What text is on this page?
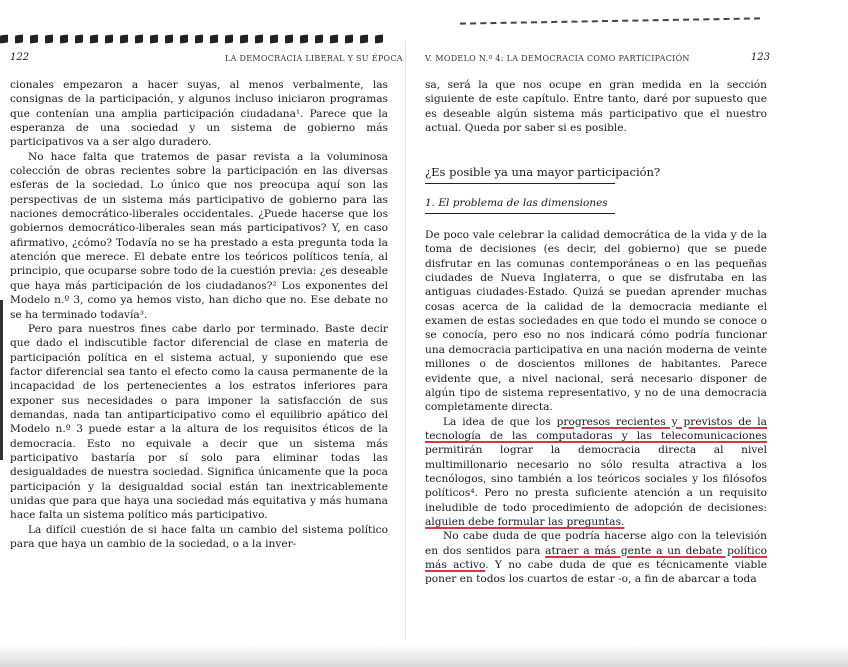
122	LA DEMOCRACIA LIBERAL Y SU ÉPOCA

cionales empezaron a hacer suyas, al menos verbalmente, las consignas de la participación, y algunos incluso iniciaron programas que contenían una amplia participación ciudadana¹. Parece que la esperanza de una sociedad y un sistema de gobierno más participativos va a ser algo duradero.

No hace falta que tratemos de pasar revista a la voluminosa colección de obras recientes sobre la participación en las diversas esferas de la sociedad. Lo único que nos preocupa aquí son las perspectivas de un sistema más participativo de gobierno para las naciones democrático-liberales occidentales. ¿Puede hacerse que los gobiernos democrático-liberales sean más participativos? Y, en caso afirmativo, ¿cómo? Todavía no se ha prestado a esta pregunta toda la atención que merece. El debate entre los teóricos políticos tenía, al principio, que ocuparse sobre todo de la cuestión previa: ¿es deseable que haya más participación de los ciudadanos?² Los exponentes del Modelo n.º 3, como ya hemos visto, han dicho que no. Ese debate no se ha terminado todavía³.

Pero para nuestros fines cabe darlo por terminado. Baste decir que dado el indiscutible factor diferencial de clase en materia de participación política en el sistema actual, y suponiendo que ese factor diferencial sea tanto el efecto como la causa permanente de la incapacidad de los pertenecientes a los estratos inferiores para exponer sus necesidades o para imponer la satisfacción de sus demandas, nada tan antiparticipativo como el equilibrio apático del Modelo n.º 3 puede estar a la altura de los requisitos éticos de la democracia. Esto no equivale a decir que un sistema más participativo bastaría por sí solo para eliminar todas las desigualdades de nuestra sociedad. Significa únicamente que la poca participación y la desigualdad social están tan inextricablemente unidas que para que haya una sociedad más equitativa y más humana hace falta un sistema político más participativo.

La difícil cuestión de si hace falta un cambio del sistema político para que haya un cambio de la sociedad, o a la inver-

V. MODELO N.º 4: LA DEMOCRACIA COMO PARTICIPACIÓN	123

sa, será la que nos ocupe en gran medida en la sección siguiente de este capítulo. Entre tanto, daré por supuesto que es deseable algún sistema más participativo que el nuestro actual. Queda por saber si es posible.

¿Es posible ya una mayor participación?
1. El problema de las dimensiones

De poco vale celebrar la calidad democrática de la vida y de la toma de decisiones (es decir, del gobierno) que se puede disfrutar en las comunas contemporáneas o en las pequeñas ciudades de Nueva Inglaterra, o que se disfrutaba en las antiguas ciudades-Estado. Quizá se puedan aprender muchas cosas acerca de la calidad de la democracia mediante el examen de estas sociedades en que todo el mundo se conoce o se conocía, pero eso no nos indicará cómo podría funcionar una democracia participativa en una nación moderna de veinte millones o de doscientos millones de habitantes. Parece evidente que, a nivel nacional, será necesario disponer de algún tipo de sistema representativo, y no de una democracia completamente directa.

La idea de que los progresos recientes y previstos de la tecnología de las computadoras y las telecomunicaciones permitirán lograr la democracia directa al nivel multimillonario necesario no sólo resulta atractiva a los tecnólogos, sino también a los teóricos sociales y los filósofos políticos⁴. Pero no presta suficiente atención a un requisito ineludible de todo procedimiento de adopción de decisiones: alguien debe formular las preguntas.

No cabe duda de que podría hacerse algo con la televisión en dos sentidos para atraer a más gente a un debate político más activo. Y no cabe duda de que es técnicamente viable poner en todos los cuartos de estar -o, a fin de abarcar a toda
